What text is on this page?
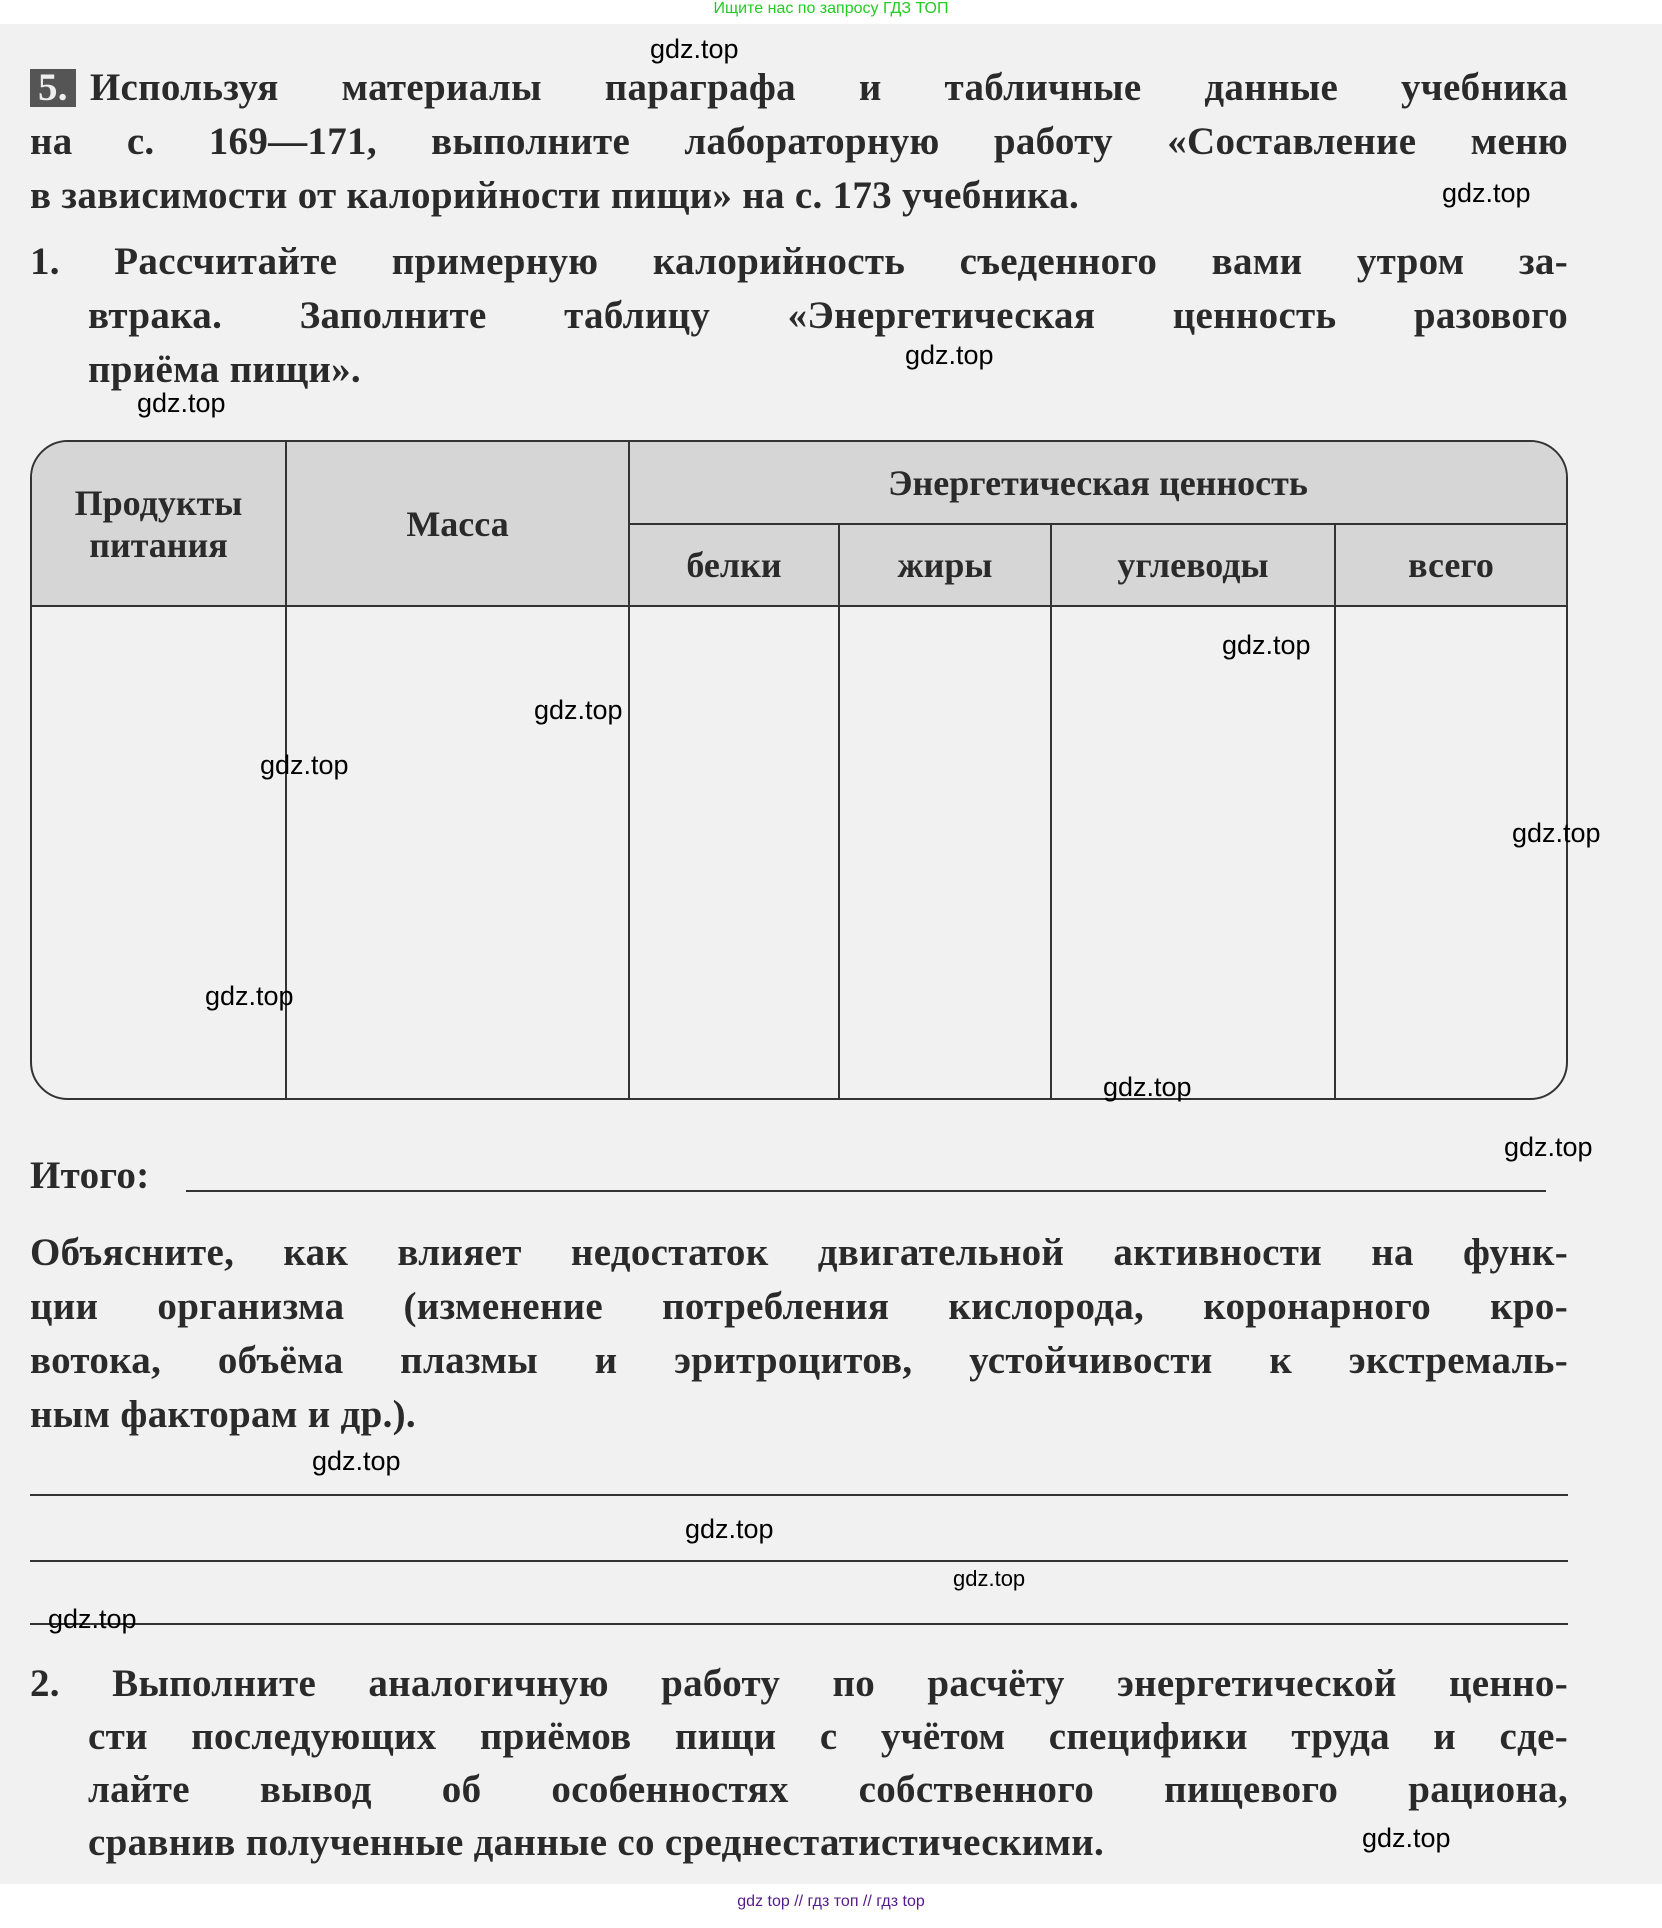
Ищите нас по запросу ГДЗ ТОП
5. Используя материалы параграфа и табличные данные учебника
на с. 169—171, выполните лабораторную работу «Составление меню
в зависимости от калорийности пищи» на с. 173 учебника.
1. Рассчитайте примерную калорийность съеденного вами утром за-
втрака. Заполните таблицу «Энергетическая ценность разового
приёма пищи».
Продукты питания	Масса	Энергетическая ценность			
		белки	жиры	углеводы	всего

Итого:
Объясните, как влияет недостаток двигательной активности на функ-
ции организма (изменение потребления кислорода, коронарного кро-
вотока, объёма плазмы и эритроцитов, устойчивости к экстремаль-
ным факторам и др.).
2. Выполните аналогичную работу по расчёту энергетической ценно-
сти последующих приёмов пищи с учётом специфики труда и сде-
лайте вывод об особенностях собственного пищевого рациона,
сравнив полученные данные со среднестатистическими.
gdz.top
gdz.top
gdz.top
gdz.top
gdz.top
gdz.top
gdz.top
gdz.top
gdz.top
gdz.top
gdz.top
gdz.top
gdz.top
gdz.top
gdz.top
gdz.top
gdz top // гдз топ // гдз top
